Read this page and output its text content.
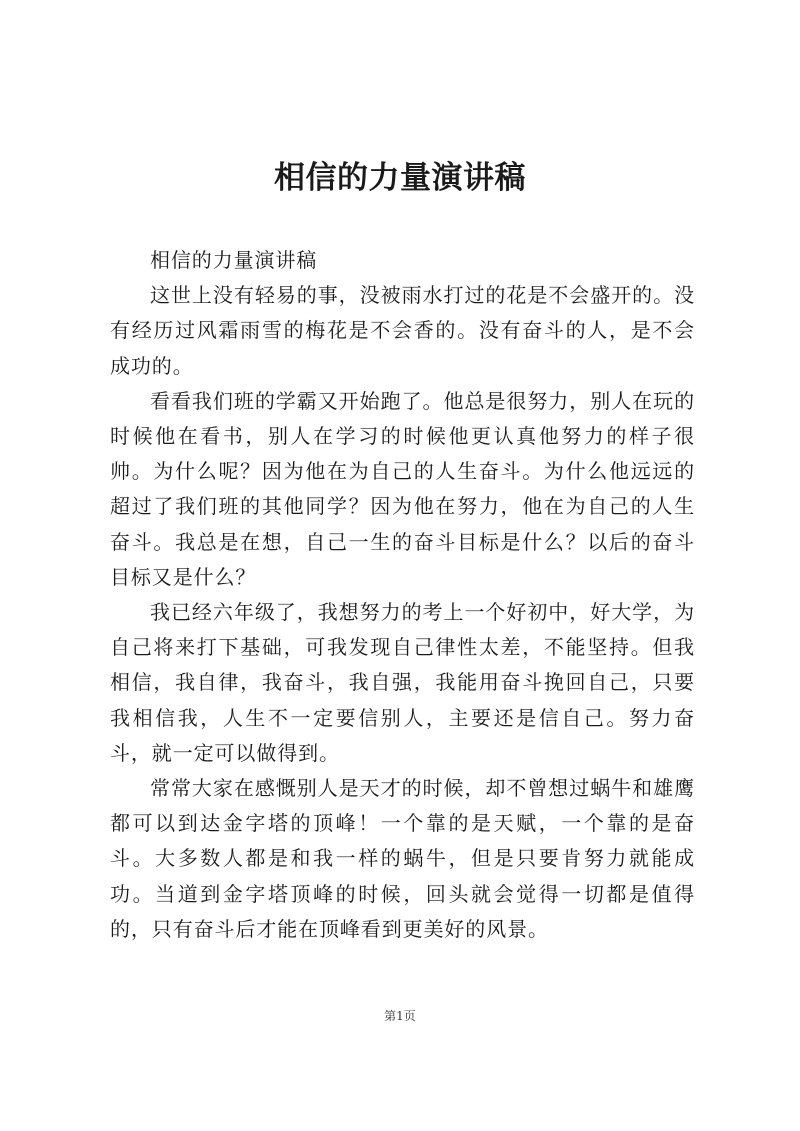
相信的力量演讲稿

相信的力量演讲稿

这世上没有轻易的事，没被雨水打过的花是不会盛开的。没有经历过风霜雨雪的梅花是不会香的。没有奋斗的人，是不会成功的。

看看我们班的学霸又开始跑了。他总是很努力，别人在玩的时候他在看书，别人在学习的时候他更认真他努力的样子很帅。为什么呢？因为他在为自己的人生奋斗。为什么他远远的超过了我们班的其他同学？因为他在努力，他在为自己的人生奋斗。我总是在想，自己一生的奋斗目标是什么？以后的奋斗目标又是什么？

我已经六年级了，我想努力的考上一个好初中，好大学，为自己将来打下基础，可我发现自己律性太差，不能坚持。但我相信，我自律，我奋斗，我自强，我能用奋斗挽回自己，只要我相信我，人生不一定要信别人，主要还是信自己。努力奋斗，就一定可以做得到。

常常大家在感慨别人是天才的时候，却不曾想过蜗牛和雄鹰都可以到达金字塔的顶峰！一个靠的是天赋，一个靠的是奋斗。大多数人都是和我一样的蜗牛，但是只要肯努力就能成功。当道到金字塔顶峰的时候，回头就会觉得一切都是值得的，只有奋斗后才能在顶峰看到更美好的风景。

第1页
